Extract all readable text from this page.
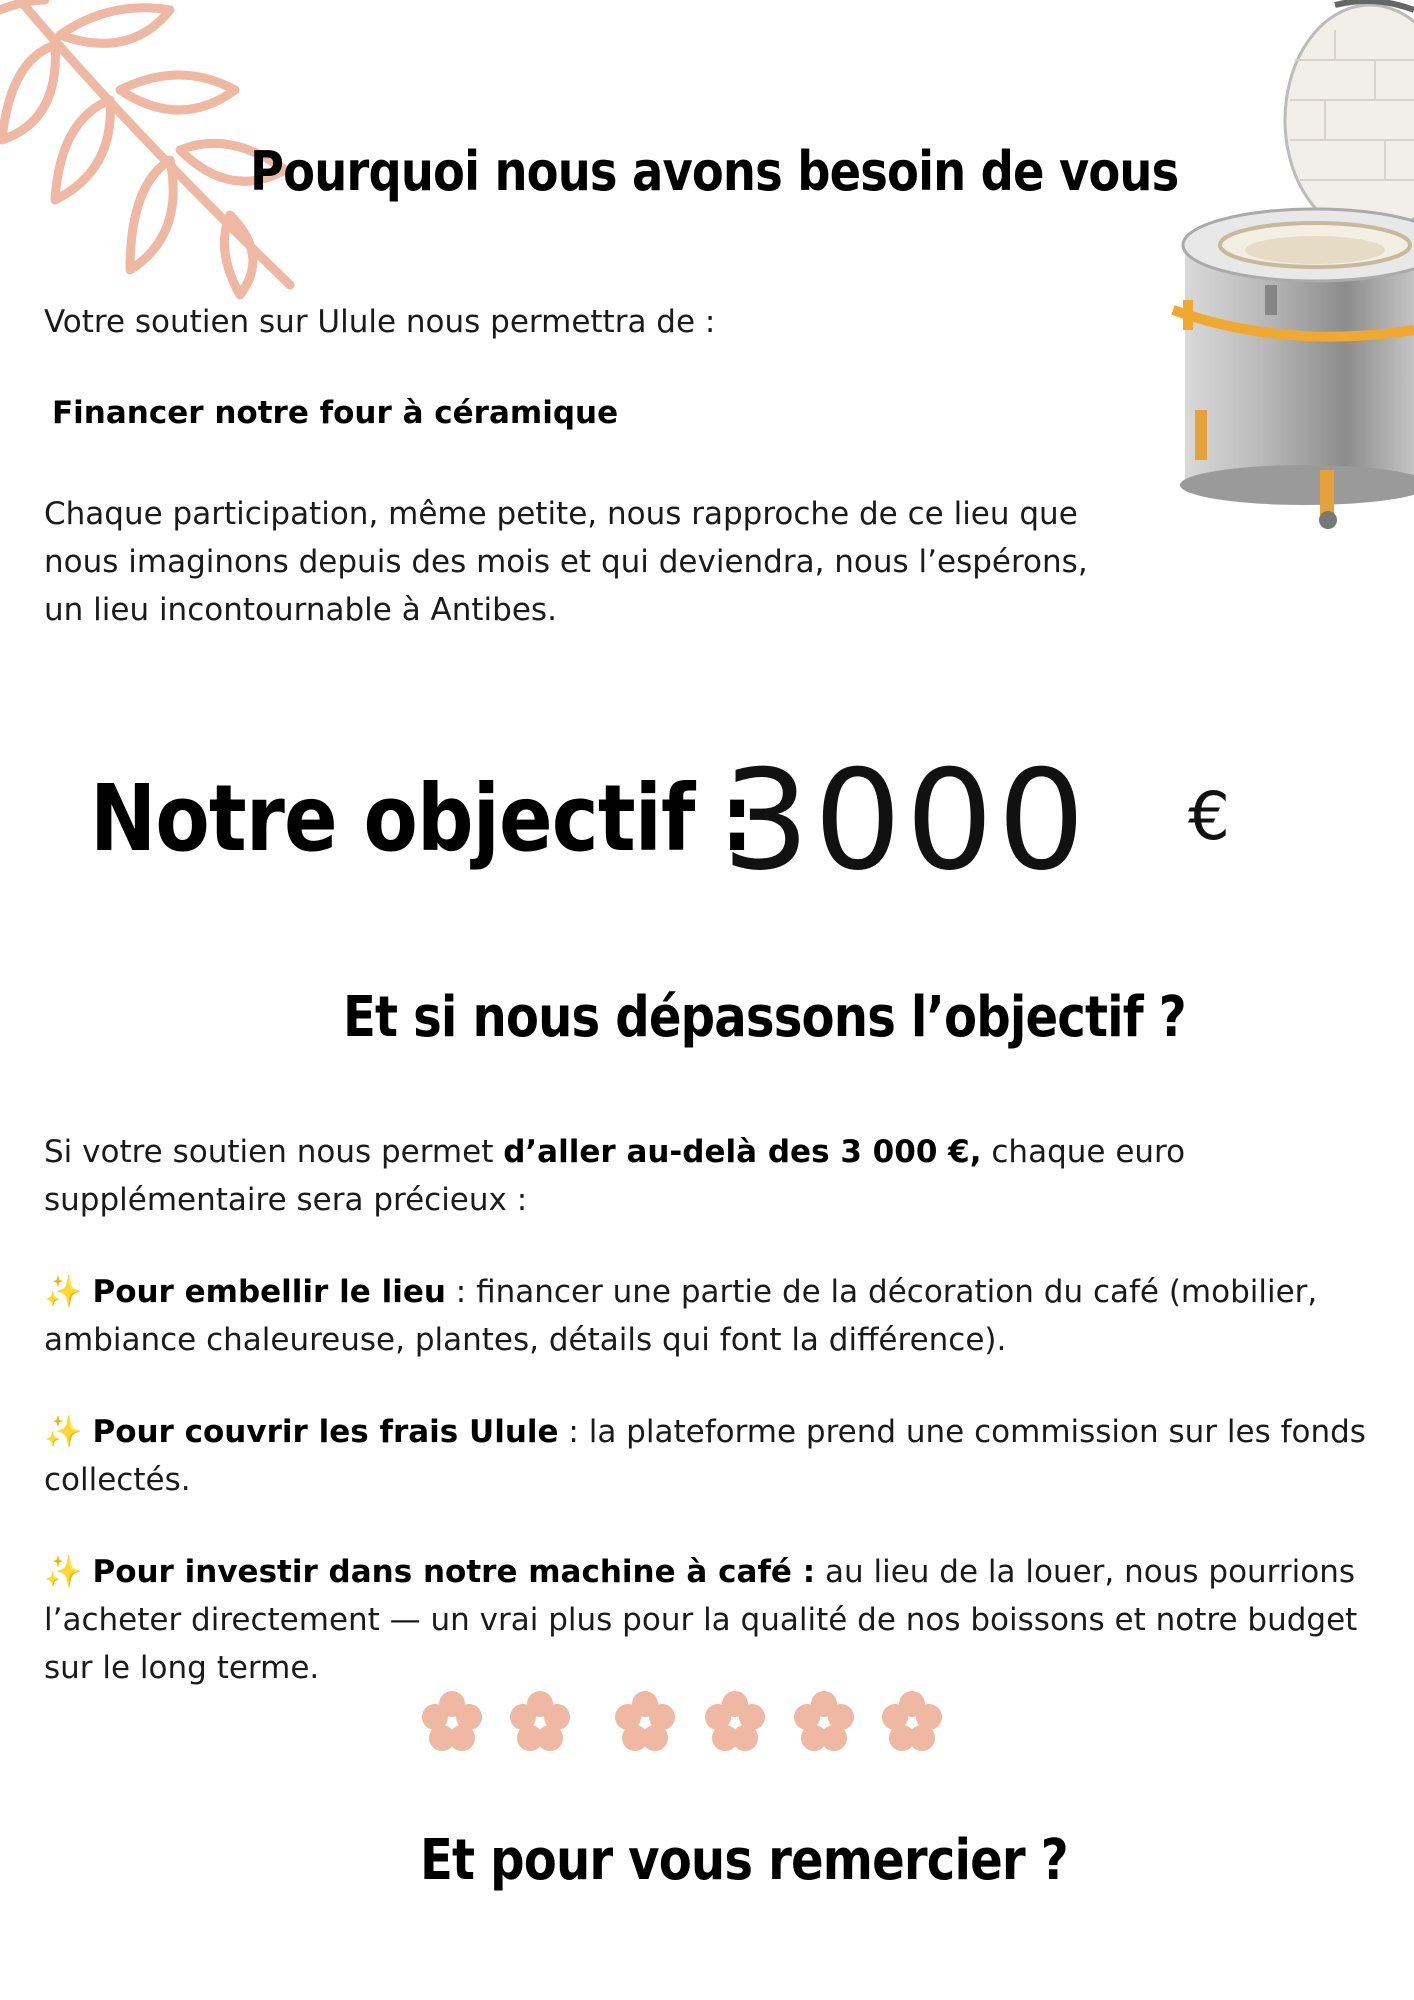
Pourquoi nous avons besoin de vous
Votre soutien sur Ulule nous permettra de :
Financer notre four à céramique
Chaque participation, même petite, nous rapproche de ce lieu que nous imaginons depuis des mois et qui deviendra, nous l’espérons, un lieu incontournable à Antibes.
Notre objectif :
3000 €
Et si nous dépassons l’objectif ?
Si votre soutien nous permet d’aller au-delà des 3 000 €, chaque euro supplémentaire sera précieux :
✨ Pour embellir le lieu : financer une partie de la décoration du café (mobilier, ambiance chaleureuse, plantes, détails qui font la différence).
✨ Pour couvrir les frais Ulule : la plateforme prend une commission sur les fonds collectés.
✨ Pour investir dans notre machine à café : au lieu de la louer, nous pourrions l’acheter directement — un vrai plus pour la qualité de nos boissons et notre budget sur le long terme.
Et pour vous remercier ?
